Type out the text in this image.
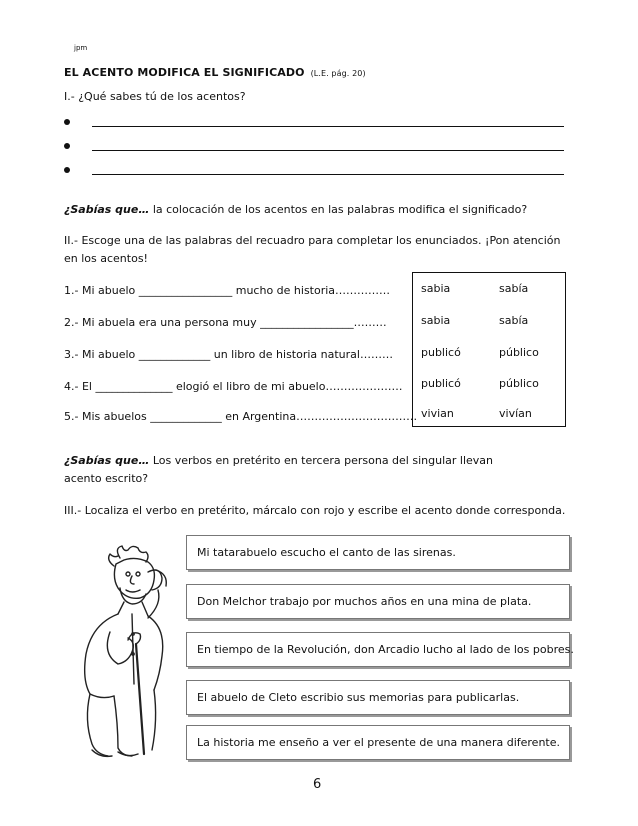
jpm
EL ACENTO MODIFICA EL SIGNIFICADO (L.E. pág. 20)
I.- ¿Qué sabes tú de los acentos?
¿Sabías que… la colocación de los acentos en las palabras modifica el significado?
II.- Escoge una de las palabras del recuadro para completar los enunciados. ¡Pon atención en los acentos!
1.- Mi abuelo _________________ mucho de historia……………
2.- Mi abuela era una persona muy _________________………
3.- Mi abuelo _____________ un libro de historia natural………
4.- El ______________ elogió el libro de mi abuelo…………………
5.- Mis abuelos _____________ en Argentina……………………………
sabia	sabía
sabia	sabía
publicó	público
publicó	público
vivian	vivían
¿Sabías que… Los verbos en pretérito en tercera persona del singular llevan acento escrito?
III.- Localiza el verbo en pretérito, márcalo con rojo y escribe el acento donde corresponda.
Mi tatarabuelo escucho el canto de las sirenas.
Don Melchor trabajo por muchos años en una mina de plata.
En tiempo de la Revolución, don Arcadio lucho al lado de los pobres.
El abuelo de Cleto escribio sus memorias para publicarlas.
La historia me enseño a ver el presente de una manera diferente.
6
